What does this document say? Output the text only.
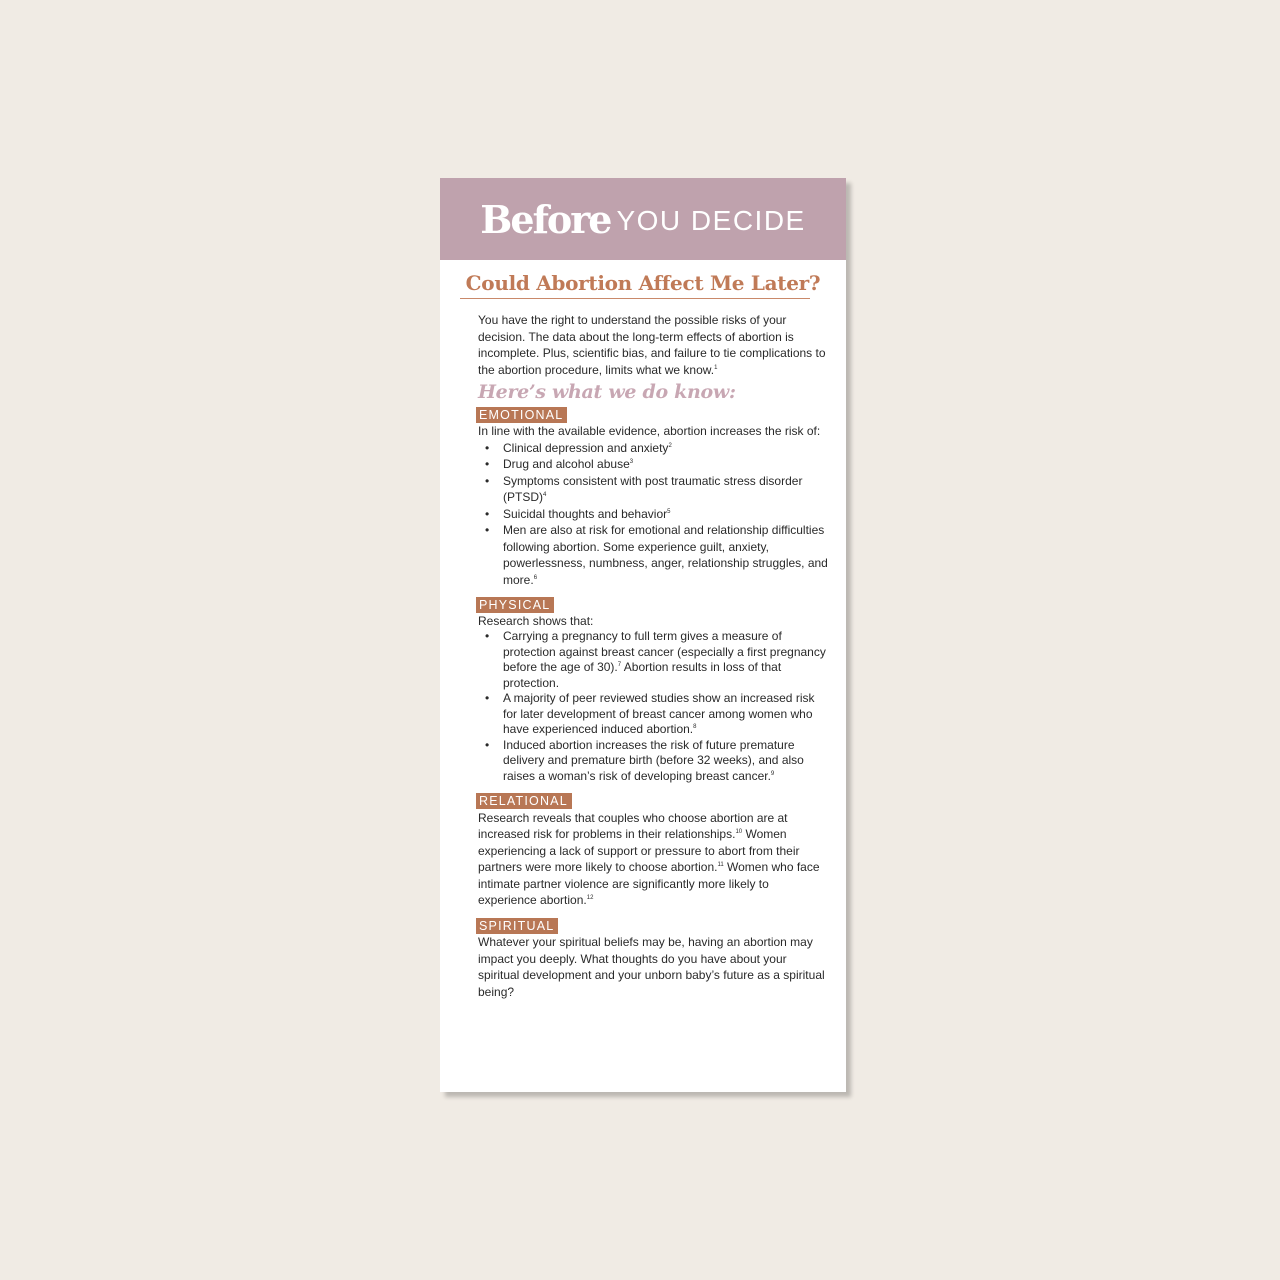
Before YOU DECIDE
Could Abortion Affect Me Later?

You have the right to understand the possible risks of your decision. The data about the long-term effects of abortion is incomplete. Plus, scientific bias, and failure to tie complications to the abortion procedure, limits what we know.$^1$

Here’s what we do know:

EMOTIONAL

In line with the available evidence, abortion increases the risk of:

• Clinical depression and anxiety$^2$
• Drug and alcohol abuse$^3$
• Symptoms consistent with post traumatic stress disorder (PTSD)$^4$
• Suicidal thoughts and behavior$^5$
• Men are also at risk for emotional and relationship difficulties following abortion. Some experience guilt, anxiety, powerlessness, numbness, anger, relationship struggles, and more.$^6$
PHYSICAL

Research shows that:

• Carrying a pregnancy to full term gives a measure of protection against breast cancer (especially a first pregnancy before the age of 30).$^7$ Abortion results in loss of that protection.
• A majority of peer reviewed studies show an increased risk for later development of breast cancer among women who have experienced induced abortion.$^8$
• Induced abortion increases the risk of future premature delivery and premature birth (before 32 weeks), and also raises a woman’s risk of developing breast cancer.$^9$
RELATIONAL

Research reveals that couples who choose abortion are at increased risk for problems in their relationships.$^{10}$ Women experiencing a lack of support or pressure to abort from their partners were more likely to choose abortion.$^{11}$ Women who face intimate partner violence are significantly more likely to experience abortion.$^{12}$

SPIRITUAL

Whatever your spiritual beliefs may be, having an abortion may impact you deeply. What thoughts do you have about your spiritual development and your unborn baby’s future as a spiritual being?
